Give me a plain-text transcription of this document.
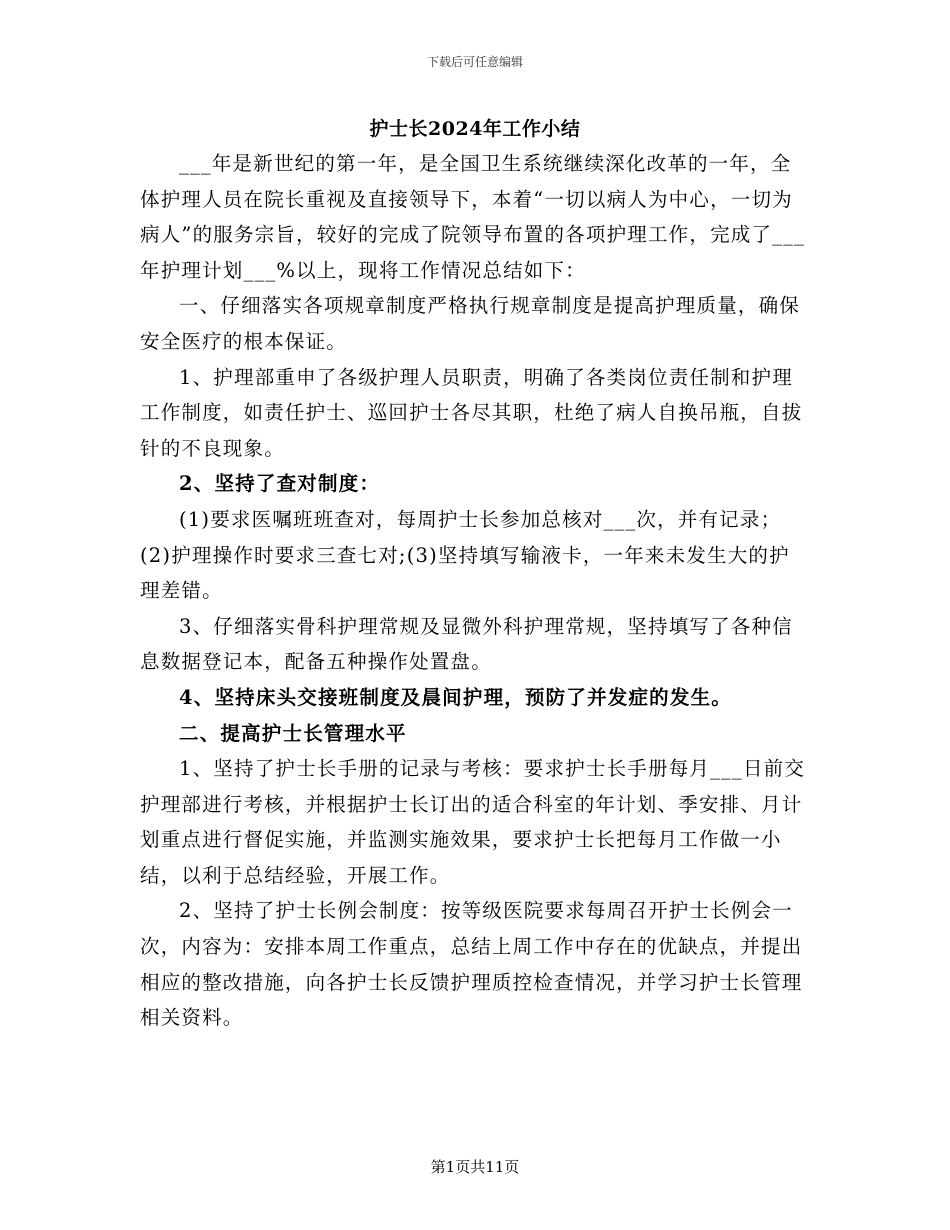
下载后可任意编辑
护士长2024年工作小结

___年是新世纪的第一年，是全国卫生系统继续深化改革的一年，全体护理人员在院长重视及直接领导下，本着“一切以病人为中心，一切为病人”的服务宗旨，较好的完成了院领导布置的各项护理工作，完成了___年护理计划___%以上，现将工作情况总结如下：

一、仔细落实各项规章制度严格执行规章制度是提高护理质量，确保安全医疗的根本保证。

1、护理部重申了各级护理人员职责，明确了各类岗位责任制和护理工作制度，如责任护士、巡回护士各尽其职，杜绝了病人自换吊瓶，自拔针的不良现象。

2、坚持了查对制度：

(1)要求医嘱班班查对，每周护士长参加总核对___次，并有记录；(2)护理操作时要求三查七对;(3)坚持填写输液卡，一年来未发生大的护理差错。

3、仔细落实骨科护理常规及显微外科护理常规，坚持填写了各种信息数据登记本，配备五种操作处置盘。

4、坚持床头交接班制度及晨间护理，预防了并发症的发生。

二、提高护士长管理水平

1、坚持了护士长手册的记录与考核：要求护士长手册每月___日前交护理部进行考核，并根据护士长订出的适合科室的年计划、季安排、月计划重点进行督促实施，并监测实施效果，要求护士长把每月工作做一小结，以利于总结经验，开展工作。

2、坚持了护士长例会制度：按等级医院要求每周召开护士长例会一次，内容为：安排本周工作重点，总结上周工作中存在的优缺点，并提出相应的整改措施，向各护士长反馈护理质控检查情况，并学习护士长管理相关资料。

第1页共11页
